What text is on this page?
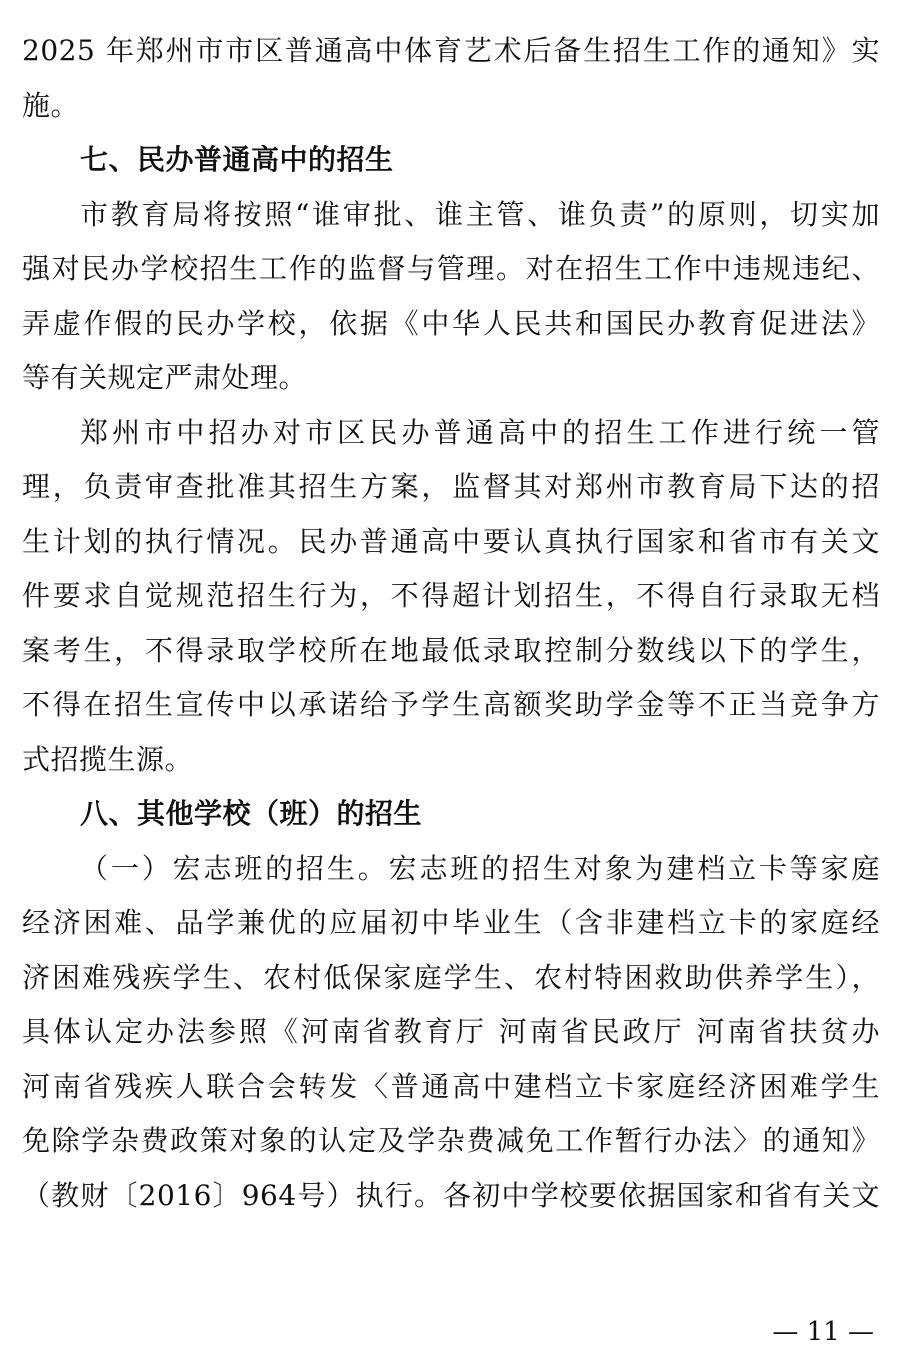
2025 年郑州市市区普通高中体育艺术后备生招生工作的通知》实
施。
七、民办普通高中的招生
市教育局将按照“谁审批、谁主管、谁负责”的原则，切实加
强对民办学校招生工作的监督与管理。对在招生工作中违规违纪、
弄虚作假的民办学校，依据《中华人民共和国民办教育促进法》
等有关规定严肃处理。
郑州市中招办对市区民办普通高中的招生工作进行统一管
理，负责审查批准其招生方案，监督其对郑州市教育局下达的招
生计划的执行情况。民办普通高中要认真执行国家和省市有关文
件要求自觉规范招生行为，不得超计划招生，不得自行录取无档
案考生，不得录取学校所在地最低录取控制分数线以下的学生，
不得在招生宣传中以承诺给予学生高额奖助学金等不正当竞争方
式招揽生源。
八、其他学校（班）的招生
（一）宏志班的招生。宏志班的招生对象为建档立卡等家庭
经济困难、品学兼优的应届初中毕业生（含非建档立卡的家庭经
济困难残疾学生、农村低保家庭学生、农村特困救助供养学生），
具体认定办法参照《河南省教育厅 河南省民政厅 河南省扶贫办
河南省残疾人联合会转发〈普通高中建档立卡家庭经济困难学生
免除学杂费政策对象的认定及学杂费减免工作暂行办法〉的通知》
（教财〔2016〕964号）执行。各初中学校要依据国家和省有关文
— 11 —
